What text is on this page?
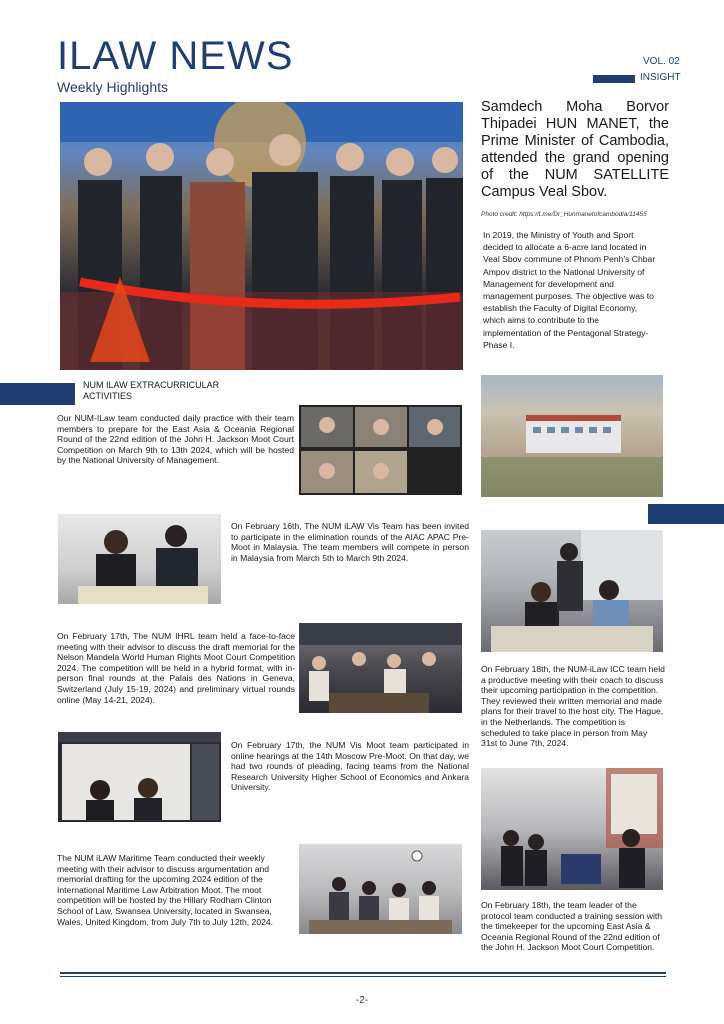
ILAW NEWS
Weekly Highlights
VOL. 02
INSIGHT
Samdech Moha Borvor Thipadei HUN MANET, the Prime Minister of Cambodia, attended the grand opening of the NUM SATELLITE Campus Veal Sbov.
Photo credit: https://t.me/Dr_Hunmanetofcambodia/11455
In 2019, the Ministry of Youth and Sport decided to allocate a 6-acre land located in Veal Sbov commune of Phnom Penh's Chbar Ampov district to the National University of Management for development and management purposes. The objective was to establish the Faculty of Digital Economy, which aims to contribute to the implementation of the Pentagonal Strategy-Phase I.
NUM ILAW EXTRACURRICULAR ACTIVITIES
Our NUM-ILaw team conducted daily practice with their team members to prepare for the East Asia & Oceania Regional Round of the 22nd edition of the John H. Jackson Moot Court Competition on March 9th to 13th 2024, which will be hosted by the National University of Management.
On February 16th, The NUM iLAW Vis Team has been invited to participate in the elimination rounds of the AIAC APAC Pre-Moot in Malaysia. The team members will compete in person in Malaysia from March 5th to March 9th 2024.
On February 17th, The NUM IHRL team held a face-to-face meeting with their advisor to discuss the draft memorial for the Nelson Mandela World Human Rights Moot Court Competition 2024. The competition will be held in a hybrid format, with in-person final rounds at the Palais des Nations in Geneva, Switzerland (July 15-19, 2024) and preliminary virtual rounds online (May 14-21, 2024).
On February 18th, the NUM-iLaw ICC team held a productive meeting with their coach to discuss their upcoming participation in the competition. They reviewed their written memorial and made plans for their travel to the host city, The Hague, in the Netherlands. The competition is scheduled to take place in person from May 31st to June 7th, 2024.
On February 17th, the NUM Vis Moot team participated in online hearings at the 14th Moscow Pre-Moot. On that day, we had two rounds of pleading, facing teams from the National Research University Higher School of Economics and Ankara University.
The NUM iLAW Maritime Team conducted their weekly meeting with their advisor to discuss argumentation and memorial drafting for the upcoming 2024 edition of the International Maritime Law Arbitration Moot. The moot competition will be hosted by the Hillary Rodham Clinton School of Law, Swansea University, located in Swansea, Wales, United Kingdom, from July 7th to July 12th, 2024.
On February 18th, the team leader of the protocol team conducted a training session with the timekeeper for the upcoming East Asia & Oceania Regional Round of the 22nd edition of the John H. Jackson Moot Court Competition.
-2-
